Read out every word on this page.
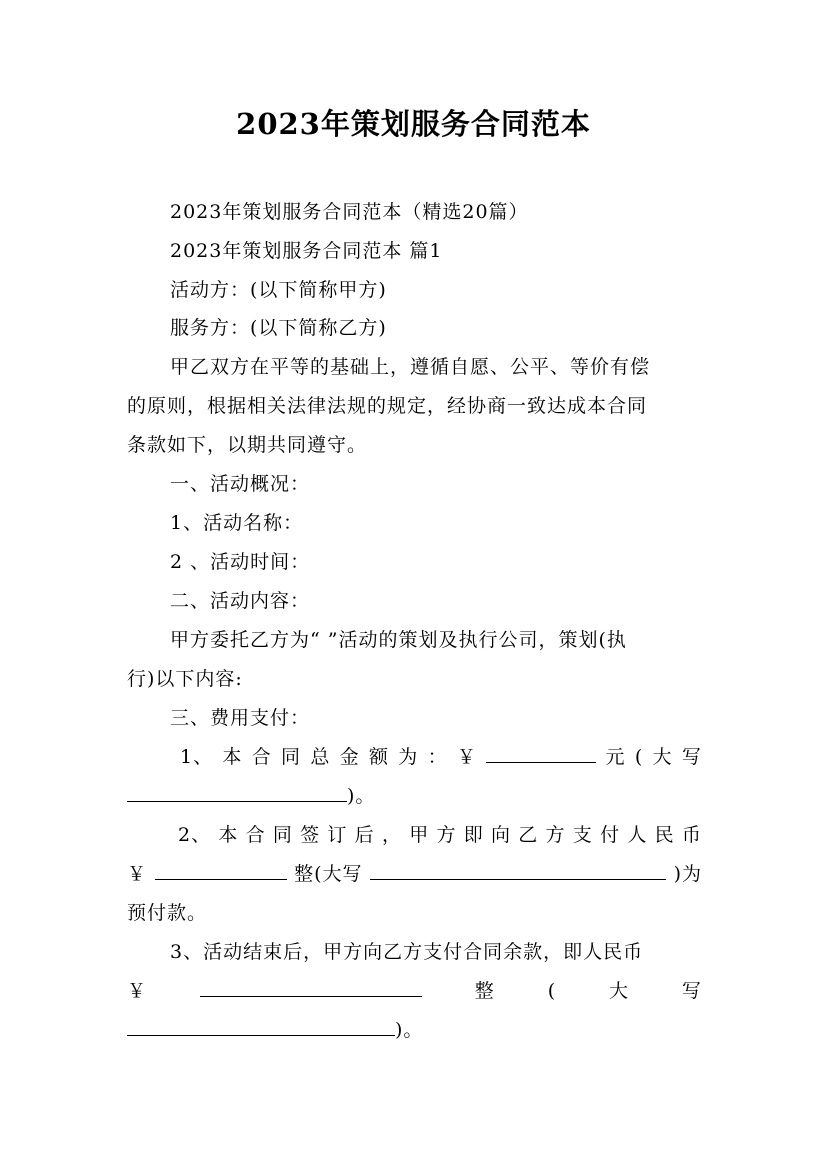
2023年策划服务合同范本
2023年策划服务合同范本（精选20篇）
2023年策划服务合同范本 篇1
活动方：(以下简称甲方)
服务方：(以下简称乙方)
甲乙双方在平等的基础上，遵循自愿、公平、等价有偿
的原则，根据相关法律法规的规定，经协商一致达成本合同
条款如下，以期共同遵守。
一、活动概况：
1、活动名称：
2 、活动时间：
二、活动内容：
甲方委托乙方为“ ”活动的策划及执行公司，策划(执
行)以下内容:
三、费用支付：
1、 本 合 同 总 金 额 为 ： ￥	元 ( 大 写
)。
2、 本 合 同 签 订 后 ， 甲 方 即 向 乙 方 支 付 人 民 币
￥	整(大写	)为
预付款。
3、活动结束后，甲方向乙方支付合同余款，即人民币
￥	整	(	大	写
)。
